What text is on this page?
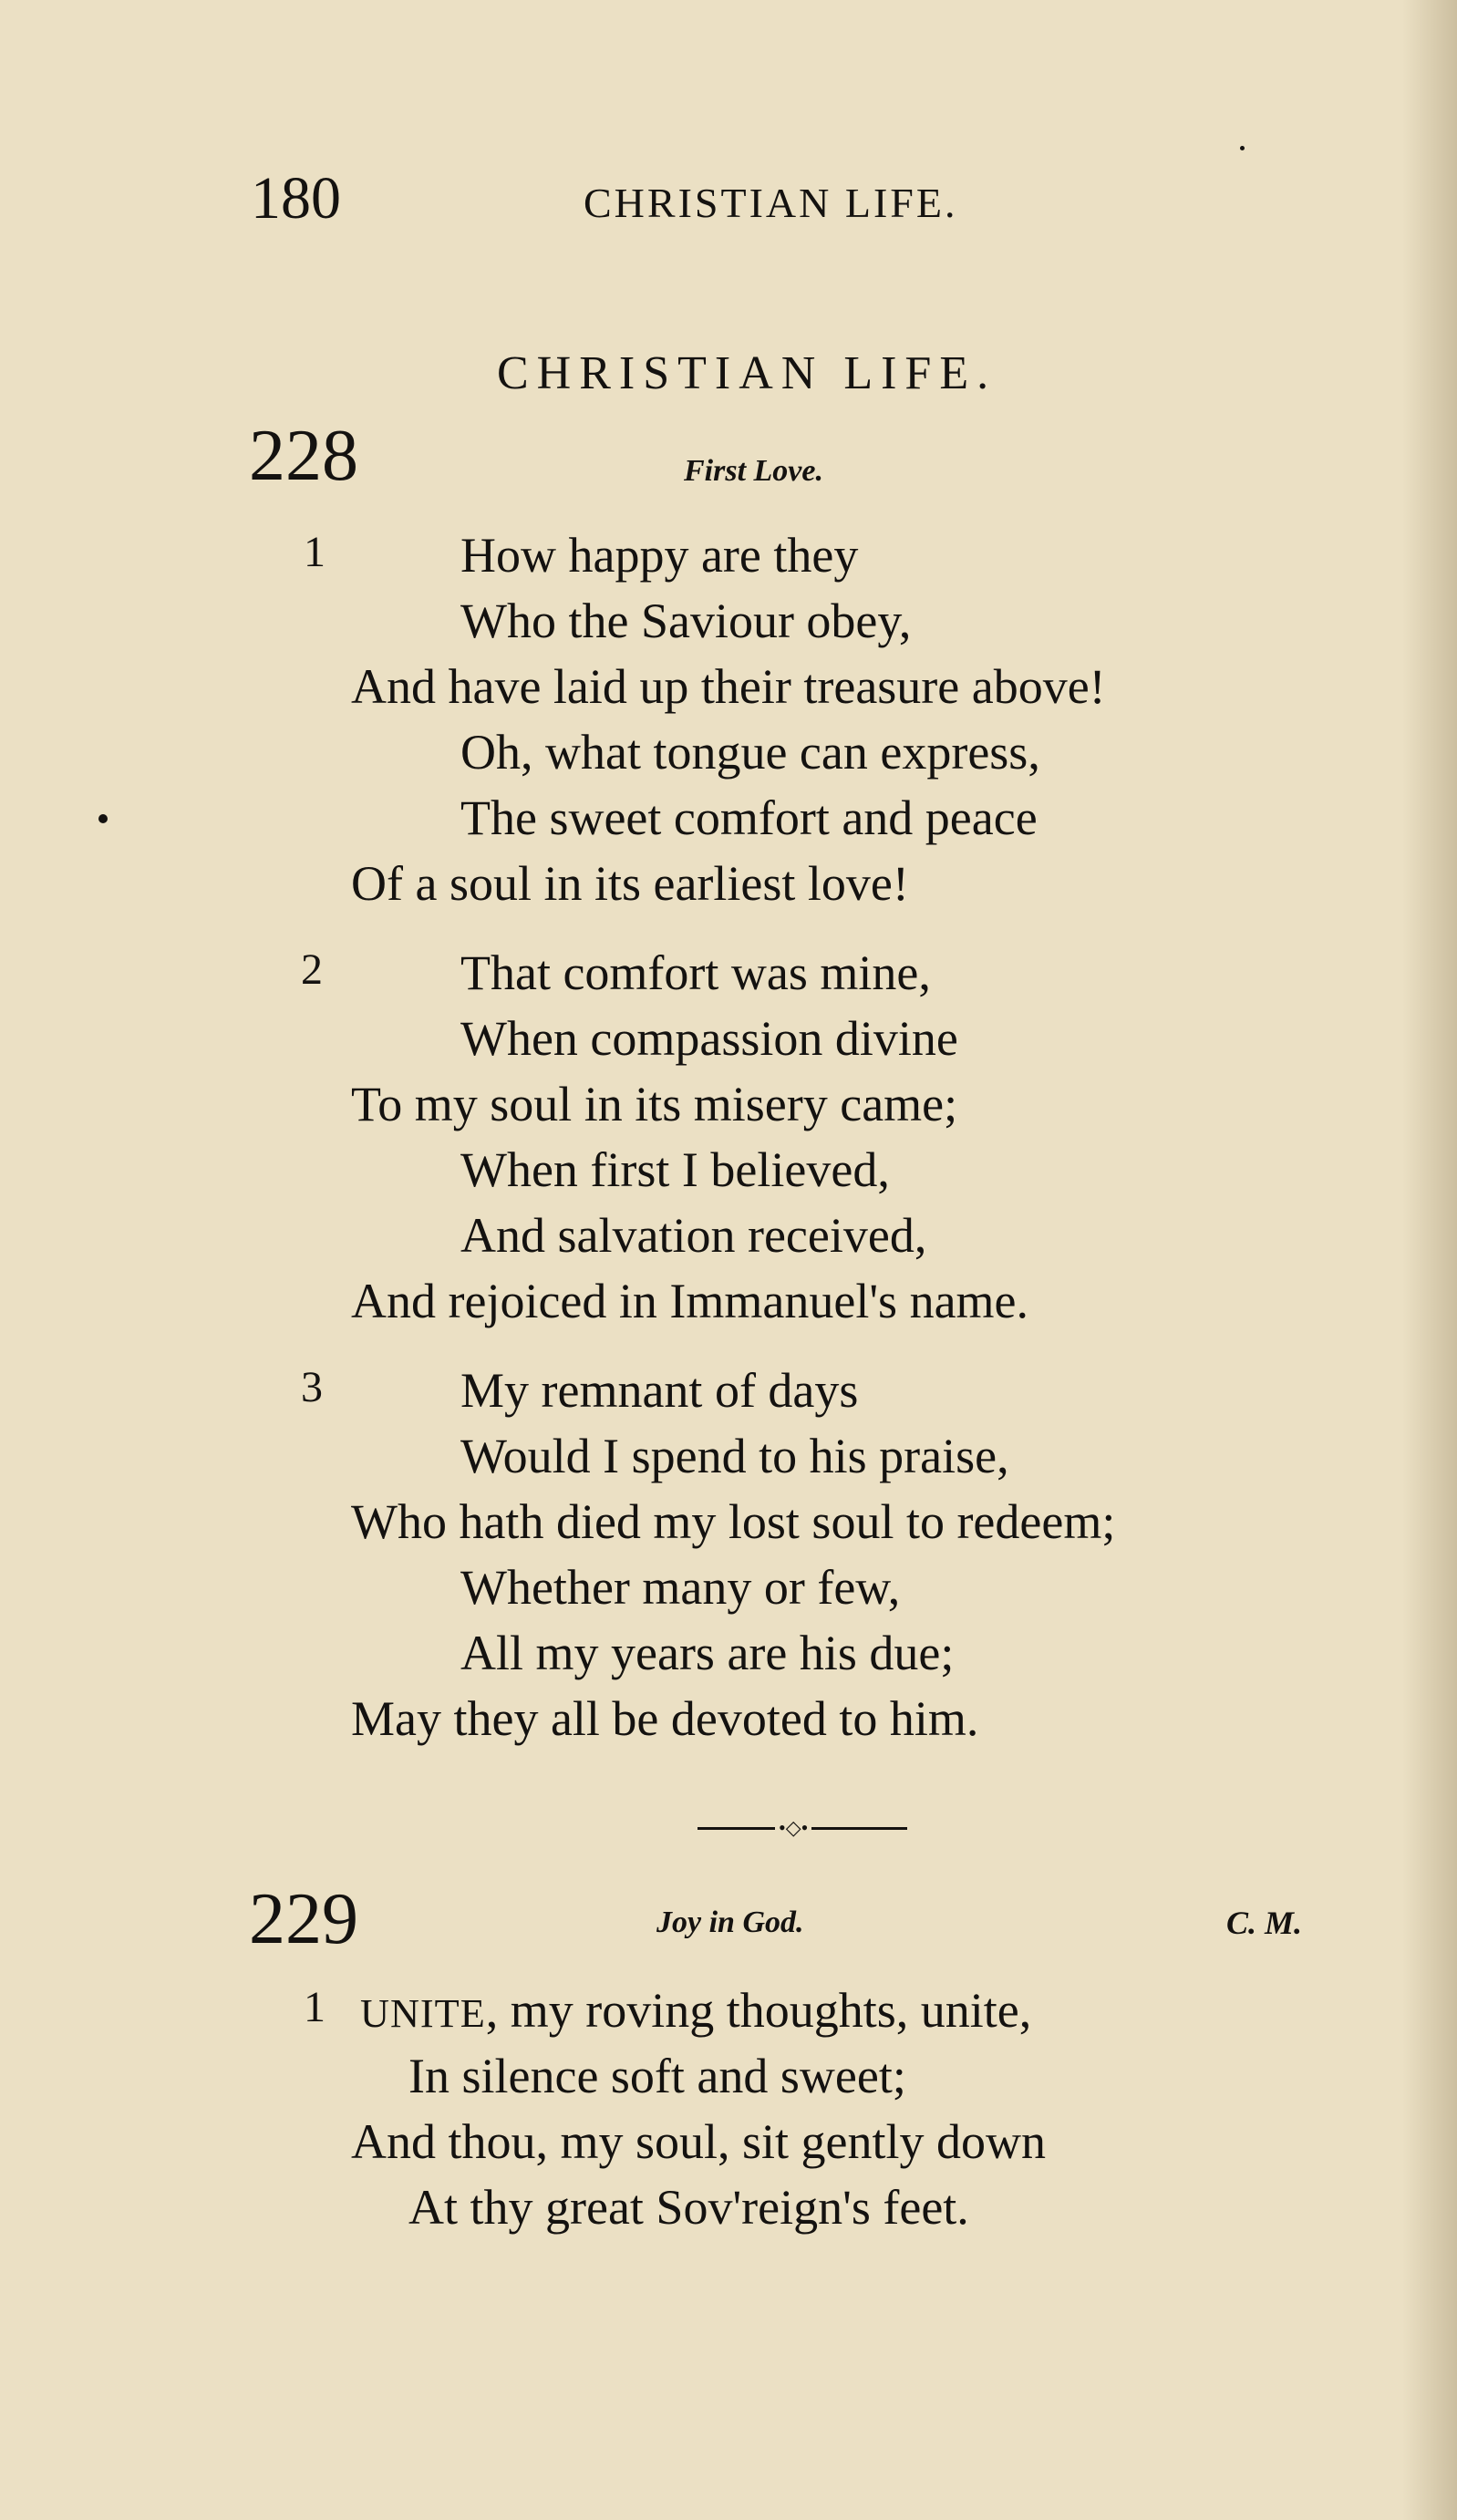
180	CHRISTIAN LIFE.
CHRISTIAN LIFE.
228	First Love.
1	How happy are they
Who the Saviour obey,
And have laid up their treasure above!
Oh, what tongue can express,
The sweet comfort and peace
Of a soul in its earliest love!
2	That comfort was mine,
When compassion divine
To my soul in its misery came;
When first I believed,
And salvation received,
And rejoiced in Immanuel's name.
3	My remnant of days
Would I spend to his praise,
Who hath died my lost soul to redeem;
Whether many or few,
All my years are his due;
May they all be devoted to him.
•◇•
229	Joy in God.	C. M.
1 UNITE, my roving thoughts, unite,
In silence soft and sweet;
And thou, my soul, sit gently down
At thy great Sov'reign's feet.
